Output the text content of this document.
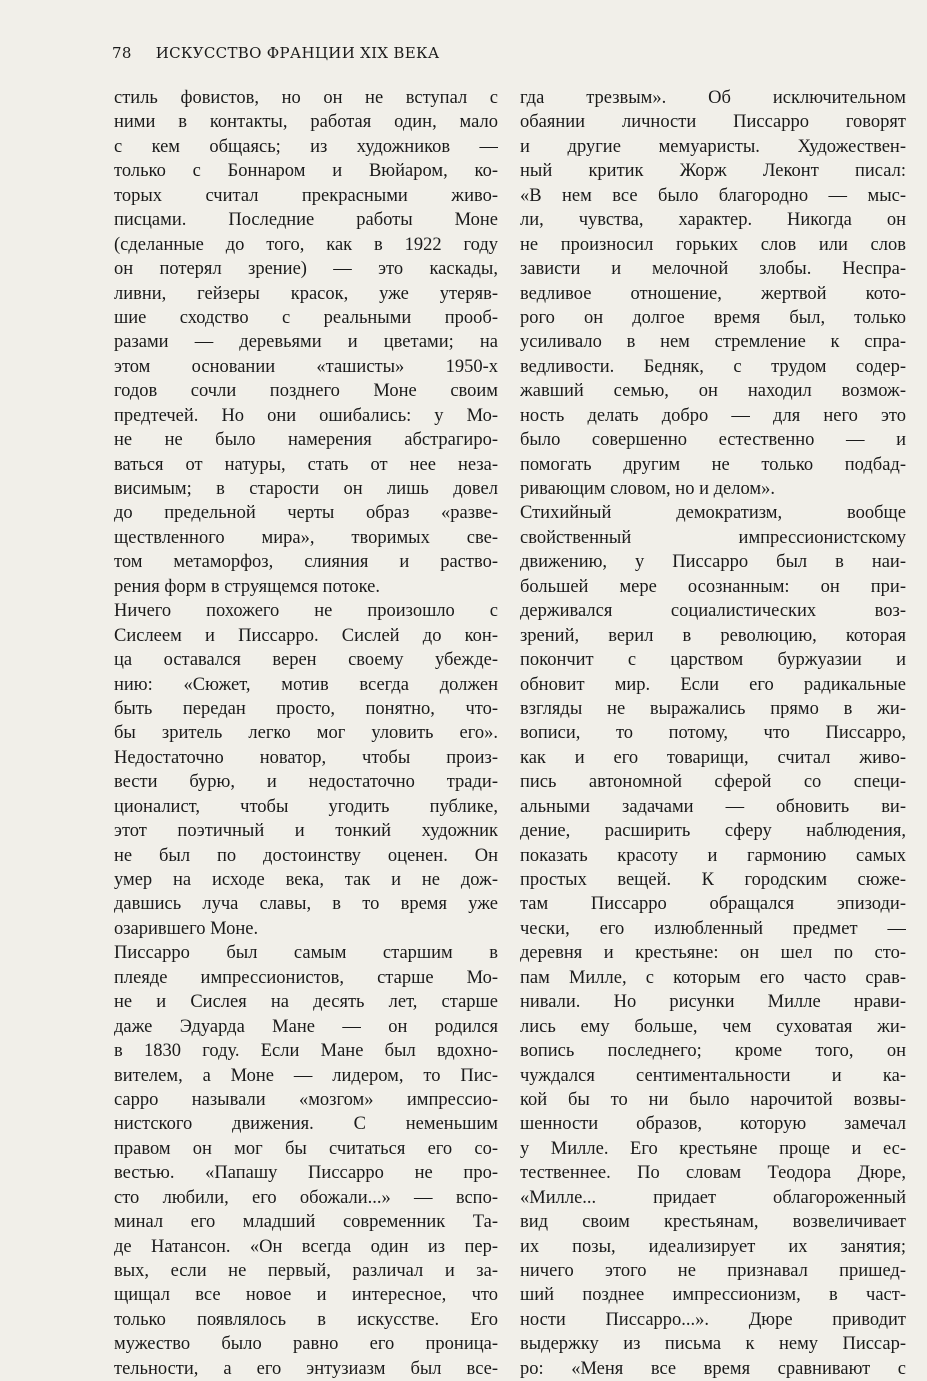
78 ИСКУССТВО ФРАНЦИИ XIX ВЕКА
стиль фовистов, но он не вступал с
ними в контакты, работая один, мало
с кем общаясь; из художников —
только с Боннаром и Вюйаром, ко-
торых считал прекрасными живо-
писцами. Последние работы Моне
(сделанные до того, как в 1922 году
он потерял зрение) — это каскады,
ливни, гейзеры красок, уже утеряв-
шие сходство с реальными прооб-
разами — деревьями и цветами; на
этом основании «ташисты» 1950-х
годов сочли позднего Моне своим
предтечей. Но они ошибались: у Мо-
не не было намерения абстрагиро-
ваться от натуры, стать от нее неза-
висимым; в старости он лишь довел
до предельной черты образ «разве-
ществленного мира», творимых све-
том метаморфоз, слияния и раство-
рения форм в струящемся потоке.
Ничего похожего не произошло с
Сислеем и Писсарро. Сислей до кон-
ца оставался верен своему убежде-
нию: «Сюжет, мотив всегда должен
быть передан просто, понятно, что-
бы зритель легко мог уловить его».
Недостаточно новатор, чтобы произ-
вести бурю, и недостаточно тради-
ционалист, чтобы угодить публике,
этот поэтичный и тонкий художник
не был по достоинству оценен. Он
умер на исходе века, так и не дож-
давшись луча славы, в то время уже
озарившего Моне.
Писсарро был самым старшим в
плеяде импрессионистов, старше Мо-
не и Сислея на десять лет, старше
даже Эдуарда Мане — он родился
в 1830 году. Если Мане был вдохно-
вителем, а Моне — лидером, то Пис-
сарро называли «мозгом» импрессио-
нистского движения. С неменьшим
правом он мог бы считаться его со-
вестью. «Папашу Писсарро не про-
сто любили, его обожали...» — вспо-
минал его младший современник Та-
де Натансон. «Он всегда один из пер-
вых, если не первый, различал и за-
щищал все новое и интересное, что
только появлялось в искусстве. Его
мужество было равно его проница-
тельности, а его энтузиазм был все-
гда трезвым». Об исключительном
обаянии личности Писсарро говорят
и другие мемуаристы. Художествен-
ный критик Жорж Леконт писал:
«В нем все было благородно — мыс-
ли, чувства, характер. Никогда он
не произносил горьких слов или слов
зависти и мелочной злобы. Неспра-
ведливое отношение, жертвой кото-
рого он долгое время был, только
усиливало в нем стремление к спра-
ведливости. Бедняк, с трудом содер-
жавший семью, он находил возмож-
ность делать добро — для него это
было совершенно естественно — и
помогать другим не только подбад-
ривающим словом, но и делом».
Стихийный демократизм, вообще
свойственный импрессионистскому
движению, у Писсарро был в наи-
большей мере осознанным: он при-
держивался социалистических воз-
зрений, верил в революцию, которая
покончит с царством буржуазии и
обновит мир. Если его радикальные
взгляды не выражались прямо в жи-
вописи, то потому, что Писсарро,
как и его товарищи, считал живо-
пись автономной сферой со специ-
альными задачами — обновить ви-
дение, расширить сферу наблюдения,
показать красоту и гармонию самых
простых вещей. К городским сюже-
там Писсарро обращался эпизоди-
чески, его излюбленный предмет —
деревня и крестьяне: он шел по сто-
пам Милле, с которым его часто срав-
нивали. Но рисунки Милле нрави-
лись ему больше, чем суховатая жи-
вопись последнего; кроме того, он
чуждался сентиментальности и ка-
кой бы то ни было нарочитой возвы-
шенности образов, которую замечал
у Милле. Его крестьяне проще и ес-
тественнее. По словам Теодора Дюре,
«Милле... придает облагороженный
вид своим крестьянам, возвеличивает
их позы, идеализирует их занятия;
ничего этого не признавал пришед-
ший позднее импрессионизм, в част-
ности Писсарро...». Дюре приводит
выдержку из письма к нему Писсар-
ро: «Меня все время сравнивают с
